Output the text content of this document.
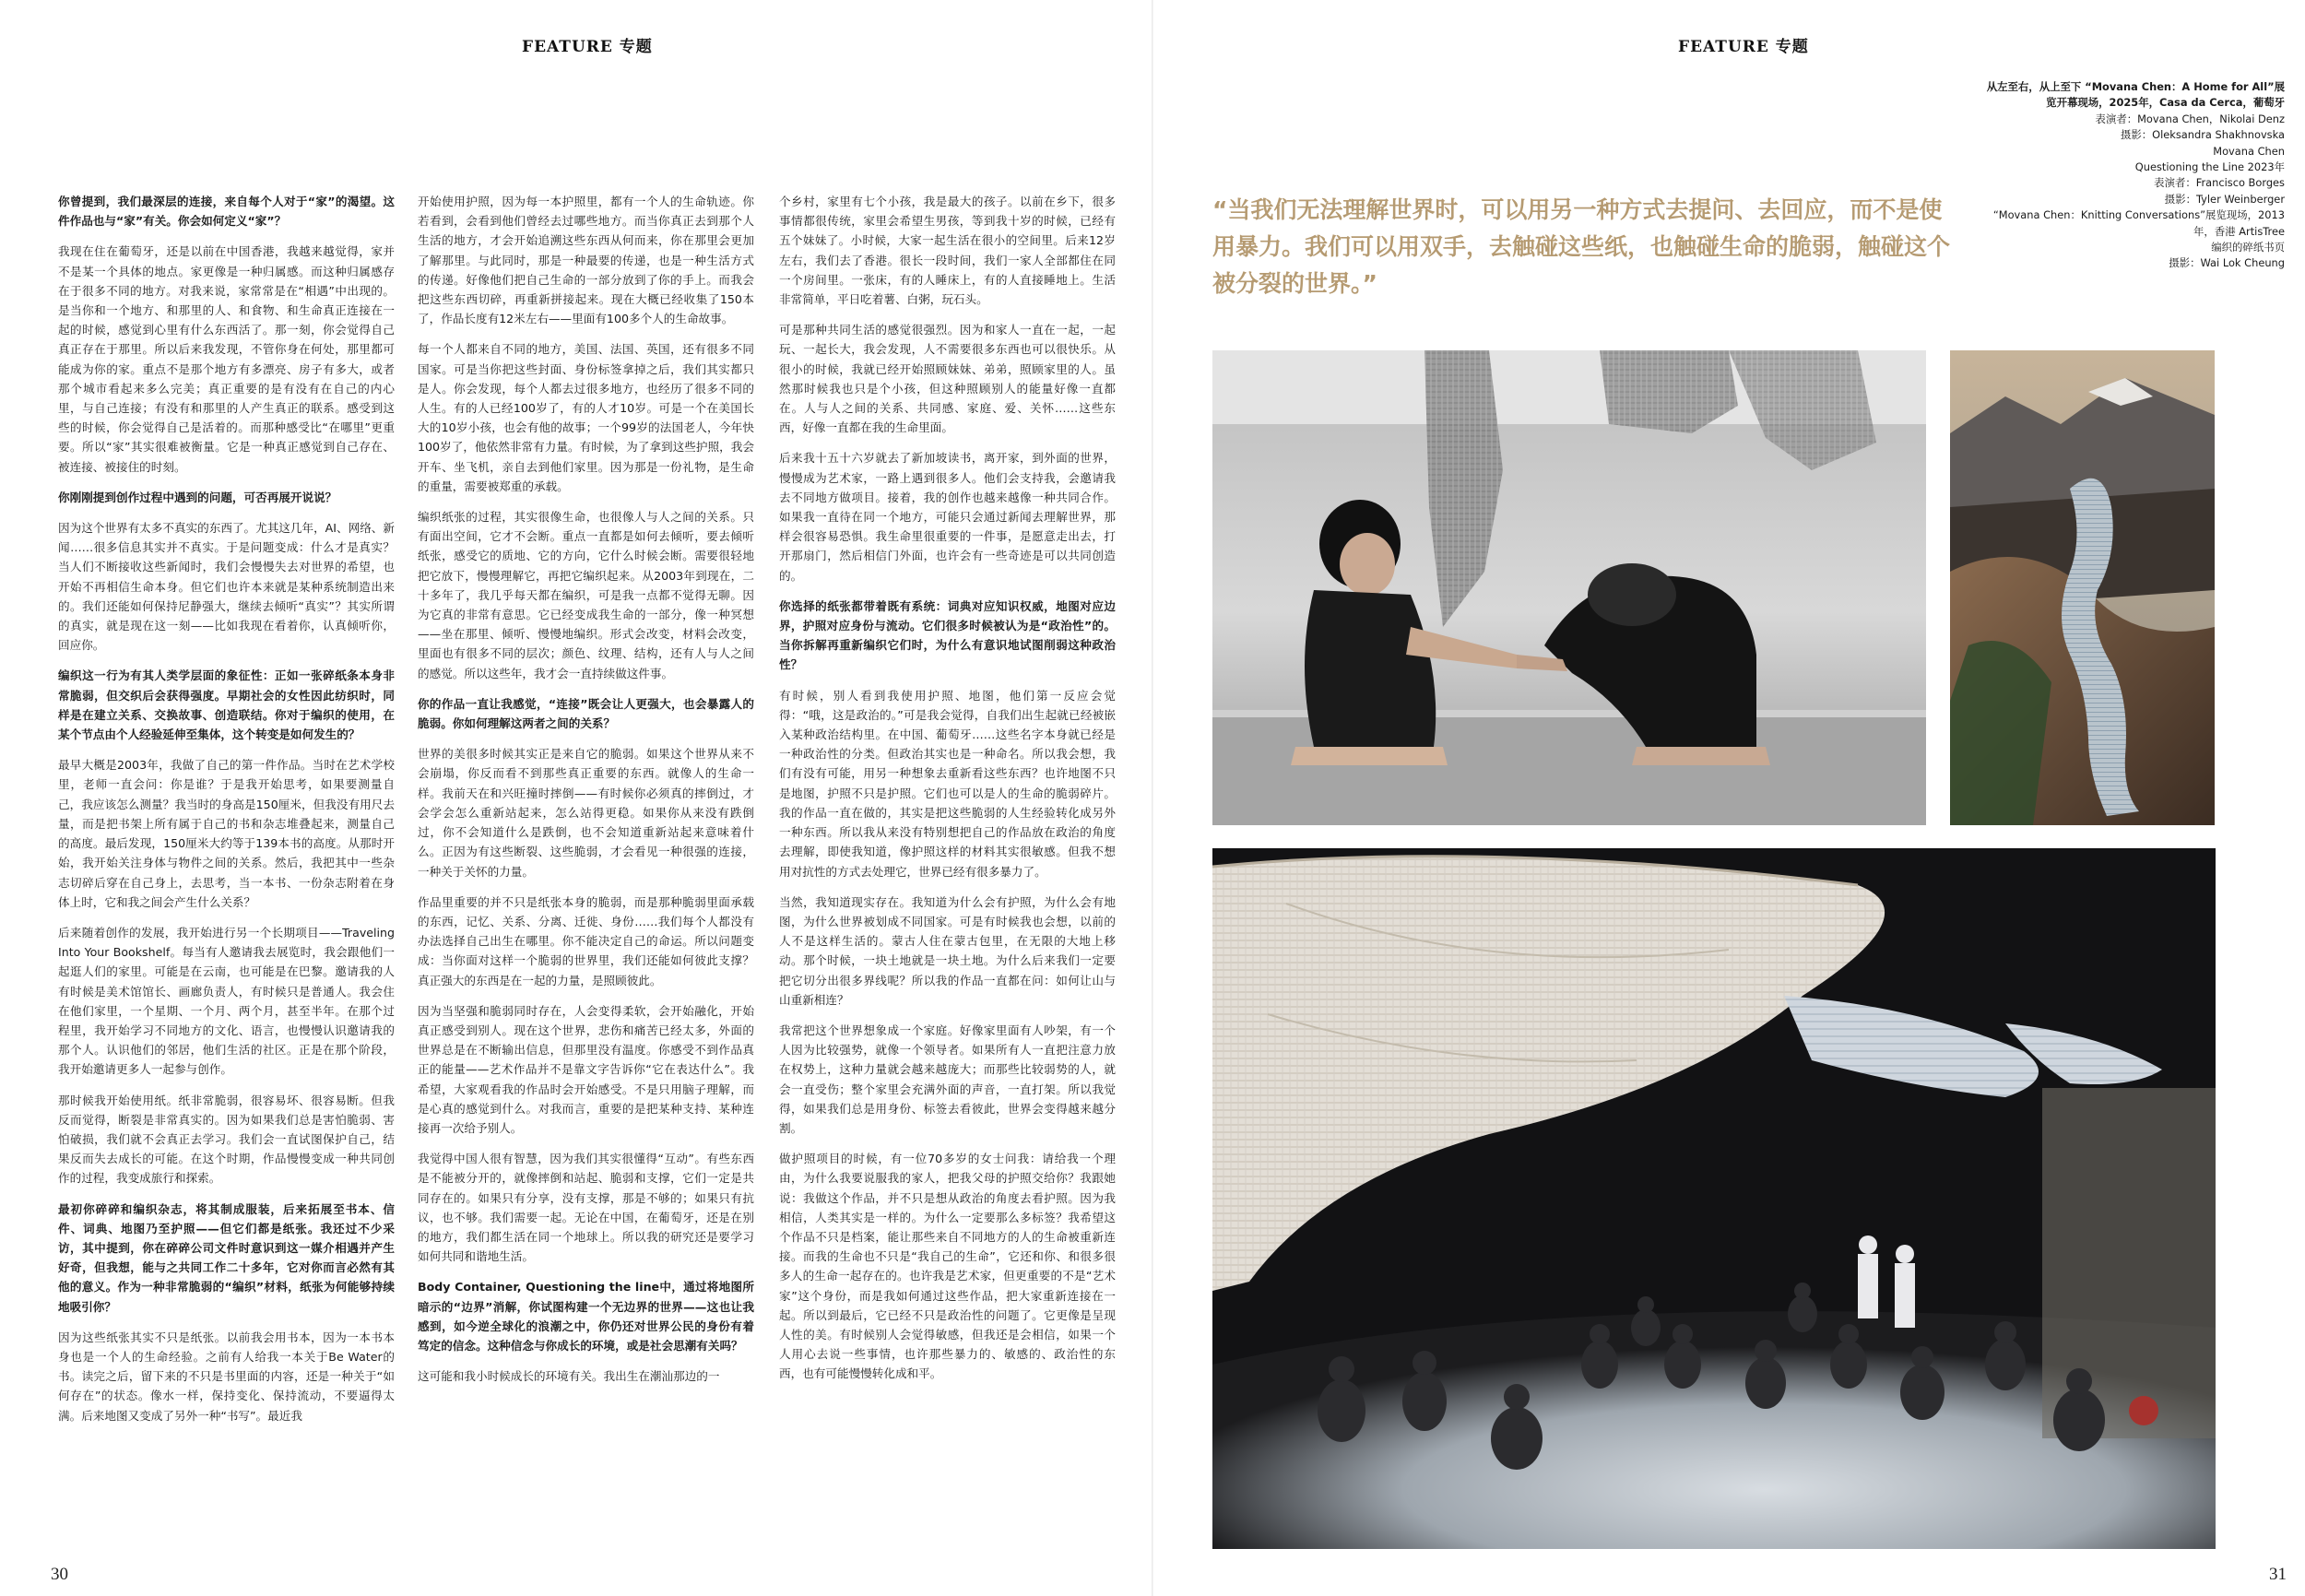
FEATURE 专题

你曾提到，我们最深层的连接，来自每个人对于“家”的渴望。这件作品也与“家”有关。你会如何定义“家”？

我现在住在葡萄牙，还是以前在中国香港，我越来越觉得，家并不是某一个具体的地点。家更像是一种归属感。而这种归属感存在于很多不同的地方。对我来说，家常常是在“相遇”中出现的。是当你和一个地方、和那里的人、和食物、和生命真正连接在一起的时候，感觉到心里有什么东西活了。那一刻，你会觉得自己真正存在于那里。所以后来我发现，不管你身在何处，那里都可能成为你的家。重点不是那个地方有多漂亮、房子有多大，或者那个城市看起来多么完美；真正重要的是有没有在自己的内心里，与自己连接；有没有和那里的人产生真正的联系。感受到这些的时候，你会觉得自己是活着的。而那种感受比“在哪里”更重要。所以“家”其实很难被衡量。它是一种真正感觉到自己存在、被连接、被接住的时刻。

你刚刚提到创作过程中遇到的问题，可否再展开说说？

因为这个世界有太多不真实的东西了。尤其这几年，AI、网络、新闻……很多信息其实并不真实。于是问题变成：什么才是真实？当人们不断接收这些新闻时，我们会慢慢失去对世界的希望，也开始不再相信生命本身。但它们也许本来就是某种系统制造出来的。我们还能如何保持尼静强大，继续去倾听“真实”？其实所谓的真实，就是现在这一刻——比如我现在看着你，认真倾听你，回应你。

编织这一行为有其人类学层面的象征性：正如一张碎纸条本身非常脆弱，但交织后会获得强度。早期社会的女性因此纺织时，同样是在建立关系、交换故事、创造联结。你对于编织的使用，在某个节点由个人经验延伸至集体，这个转变是如何发生的？

最早大概是2003年，我做了自己的第一件作品。当时在艺术学校里，老师一直会问：你是谁？于是我开始思考，如果要测量自己，我应该怎么测量？我当时的身高是150厘米，但我没有用尺去量，而是把书架上所有属于自己的书和杂志堆叠起来，测量自己的高度。最后发现，150厘米大约等于139本书的高度。从那时开始，我开始关注身体与物件之间的关系。然后，我把其中一些杂志切碎后穿在自己身上，去思考，当一本书、一份杂志附着在身体上时，它和我之间会产生什么关系？

后来随着创作的发展，我开始进行另一个长期项目——Traveling Into Your Bookshelf。每当有人邀请我去展览时，我会跟他们一起逛人们的家里。可能是在云南，也可能是在巴黎。邀请我的人有时候是美术馆馆长、画廊负责人，有时候只是普通人。我会住在他们家里，一个星期、一个月、两个月，甚至半年。在那个过程里，我开始学习不同地方的文化、语言，也慢慢认识邀请我的那个人。认识他们的邻居，他们生活的社区。正是在那个阶段，我开始邀请更多人一起参与创作。

那时候我开始使用纸。纸非常脆弱，很容易坏、很容易断。但我反而觉得，断裂是非常真实的。因为如果我们总是害怕脆弱、害怕破损，我们就不会真正去学习。我们会一直试图保护自己，结果反而失去成长的可能。在这个时期，作品慢慢变成一种共同创作的过程，我变成旅行和探索。

最初你碎碎和编织杂志，将其制成服装，后来拓展至书本、信件、词典、地图乃至护照——但它们都是纸张。我还过不少采访，其中提到，你在碎碎公司文件时意识到这一媒介相遇并产生好奇，但我想，能与之共同工作二十多年，它对你而言必然有其他的意义。作为一种非常脆弱的“编织”材料，纸张为何能够持续地吸引你？

因为这些纸张其实不只是纸张。以前我会用书本，因为一本书本身也是一个人的生命经验。之前有人给我一本关于Be Water的书。读完之后，留下来的不只是书里面的内容，还是一种关于“如何存在”的状态。像水一样，保持变化、保持流动，不要逼得太满。后来地图又变成了另外一种“书写”。最近我

开始使用护照，因为每一本护照里，都有一个人的生命轨迹。你若看到，会看到他们曾经去过哪些地方。而当你真正去到那个人生活的地方，才会开始追溯这些东西从何而来，你在那里会更加了解那里。与此同时，那是一种最要的传递，也是一种生活方式的传递。好像他们把自己生命的一部分放到了你的手上。而我会把这些东西切碎，再重新拼接起来。现在大概已经收集了150本了，作品长度有12米左右——里面有100多个人的生命故事。

每一个人都来自不同的地方，美国、法国、英国，还有很多不同国家。可是当你把这些封面、身份标签拿掉之后，我们其实都只是人。你会发现，每个人都去过很多地方，也经历了很多不同的人生。有的人已经100岁了，有的人才10岁。可是一个在美国长大的10岁小孩，也会有他的故事；一个99岁的法国老人，今年快100岁了，他依然非常有力量。有时候，为了拿到这些护照，我会开车、坐飞机，亲自去到他们家里。因为那是一份礼物，是生命的重量，需要被郑重的承载。

编织纸张的过程，其实很像生命，也很像人与人之间的关系。只有面出空间，它才不会断。重点一直都是如何去倾听，要去倾听纸张，感受它的质地、它的方向，它什么时候会断。需要很轻地把它放下，慢慢理解它，再把它编织起来。从2003年到现在，二十多年了，我几乎每天都在编织，可是我一点都不觉得无聊。因为它真的非常有意思。它已经变成我生命的一部分，像一种冥想——坐在那里、倾听、慢慢地编织。形式会改变，材料会改变，里面也有很多不同的层次；颜色、纹理、结构，还有人与人之间的感觉。所以这些年，我才会一直持续做这件事。

你的作品一直让我感觉，“连接”既会让人更强大，也会暴露人的脆弱。你如何理解这两者之间的关系？

世界的美很多时候其实正是来自它的脆弱。如果这个世界从来不会崩塌，你反而看不到那些真正重要的东西。就像人的生命一样。我前天在和兴旺撞时摔倒——有时候你必须真的摔倒过，才会学会怎么重新站起来，怎么站得更稳。如果你从来没有跌倒过，你不会知道什么是跌倒，也不会知道重新站起来意味着什么。正因为有这些断裂、这些脆弱，才会看见一种很强的连接，一种关于关怀的力量。

作品里重要的并不只是纸张本身的脆弱，而是那种脆弱里面承载的东西，记忆、关系、分离、迁徙、身份……我们每个人都没有办法选择自己出生在哪里。你不能决定自己的命运。所以问题变成：当你面对这样一个脆弱的世界里，我们还能如何彼此支撑？真正强大的东西是在一起的力量，是照顾彼此。

因为当坚强和脆弱同时存在，人会变得柔软，会开始融化，开始真正感受到别人。现在这个世界，悲伤和痛苦已经太多，外面的世界总是在不断输出信息，但那里没有温度。你感受不到作品真正的能量——艺术作品并不是靠文字告诉你“它在表达什么”。我希望，大家观看我的作品时会开始感受。不是只用脑子理解，而是心真的感觉到什么。对我而言，重要的是把某种支持、某种连接再一次给予别人。

我觉得中国人很有智慧，因为我们其实很懂得“互动”。有些东西是不能被分开的，就像摔倒和站起、脆弱和支撑，它们一定是共同存在的。如果只有分享，没有支撑，那是不够的；如果只有抗议，也不够。我们需要一起。无论在中国，在葡萄牙，还是在别的地方，我们都生活在同一个地球上。所以我的研究还是要学习如何共同和谐地生活。

Body Container, Questioning the line中，通过将地图所暗示的“边界”消解，你试图构建一个无边界的世界——这也让我感到，如今逆全球化的浪潮之中，你仍还对世界公民的身份有着笃定的信念。这种信念与你成长的环境，或是社会思潮有关吗？

这可能和我小时候成长的环境有关。我出生在潮汕那边的一

个乡村，家里有七个小孩，我是最大的孩子。以前在乡下，很多事情都很传统，家里会希望生男孩，等到我十岁的时候，已经有五个妹妹了。小时候，大家一起生活在很小的空间里。后来12岁左右，我们去了香港。很长一段时间，我们一家人全部都住在同一个房间里。一张床，有的人睡床上，有的人直接睡地上。生活非常简单，平日吃着薯、白粥，玩石头。

可是那种共同生活的感觉很强烈。因为和家人一直在一起，一起玩、一起长大，我会发现，人不需要很多东西也可以很快乐。从很小的时候，我就已经开始照顾妹妹、弟弟，照顾家里的人。虽然那时候我也只是个小孩，但这种照顾别人的能量好像一直都在。人与人之间的关系、共同感、家庭、爱、关怀……这些东西，好像一直都在我的生命里面。

后来我十五十六岁就去了新加坡读书，离开家，到外面的世界，慢慢成为艺术家，一路上遇到很多人。他们会支持我，会邀请我去不同地方做项目。接着，我的创作也越来越像一种共同合作。如果我一直待在同一个地方，可能只会通过新闻去理解世界，那样会很容易恐惧。我生命里很重要的一件事，是愿意走出去，打开那扇门，然后相信门外面，也许会有一些奇迹是可以共同创造的。

你选择的纸张都带着既有系统：词典对应知识权威，地图对应边界，护照对应身份与流动。它们很多时候被认为是“政治性”的。当你拆解再重新编织它们时，为什么有意识地试图削弱这种政治性？

有时候，别人看到我使用护照、地图，他们第一反应会觉得：“哦，这是政治的。”可是我会觉得，自我们出生起就已经被嵌入某种政治结构里。在中国、葡萄牙……这些名字本身就已经是一种政治性的分类。但政治其实也是一种命名。所以我会想，我们有没有可能，用另一种想象去重新看这些东西？也许地图不只是地图，护照不只是护照。它们也可以是人的生命的脆弱碎片。我的作品一直在做的，其实是把这些脆弱的人生经验转化成另外一种东西。所以我从来没有特别想把自己的作品放在政治的角度去理解，即使我知道，像护照这样的材料其实很敏感。但我不想用对抗性的方式去处理它，世界已经有很多暴力了。

当然，我知道现实存在。我知道为什么会有护照，为什么会有地图，为什么世界被划成不同国家。可是有时候我也会想，以前的人不是这样生活的。蒙古人住在蒙古包里，在无限的大地上移动。那个时候，一块土地就是一块土地。为什么后来我们一定要把它切分出很多界线呢？所以我的作品一直都在问：如何让山与山重新相连？

我常把这个世界想象成一个家庭。好像家里面有人吵架，有一个人因为比较强势，就像一个领导者。如果所有人一直把注意力放在权势上，这种力量就会越来越庞大；而那些比较弱势的人，就会一直受伤；整个家里会充满外面的声音，一直打架。所以我觉得，如果我们总是用身份、标签去看彼此，世界会变得越来越分割。

做护照项目的时候，有一位70多岁的女士问我：请给我一个理由，为什么我要说服我的家人，把我父母的护照交给你？我跟她说：我做这个作品，并不只是想从政治的角度去看护照。因为我相信，人类其实是一样的。为什么一定要那么多标签？我希望这个作品不只是档案，能让那些来自不同地方的人的生命被重新连接。而我的生命也不只是“我自己的生命”，它还和你、和很多很多人的生命一起存在的。也许我是艺术家，但更重要的不是“艺术家”这个身份，而是我如何通过这些作品，把大家重新连接在一起。所以到最后，它已经不只是政治性的问题了。它更像是呈现人性的美。有时候别人会觉得敏感，但我还是会相信，如果一个人用心去说一些事情，也许那些暴力的、敏感的、政治性的东西，也有可能慢慢转化成和平。

30
FEATURE 专题
“当我们无法理解世界时，可以用另一种方式去提问、去回应，而不是使用暴力。我们可以用双手，去触碰这些纸，也触碰生命的脆弱，触碰这个被分裂的世界。”
从左至右，从上至下 “Movana Chen：A Home for All”展览开幕现场，2025年，Casa da Cerca，葡萄牙
表演者：Movana Chen，Nikolai Denz
摄影：Oleksandra Shakhnovska
Movana Chen
Questioning the Line 2023年
表演者：Francisco Borges
摄影：Tyler Weinberger
“Movana Chen：Knitting Conversations”展览现场，2013年，香港 ArtisTree
编织的碎纸书页
摄影：Wai Lok Cheung
31
